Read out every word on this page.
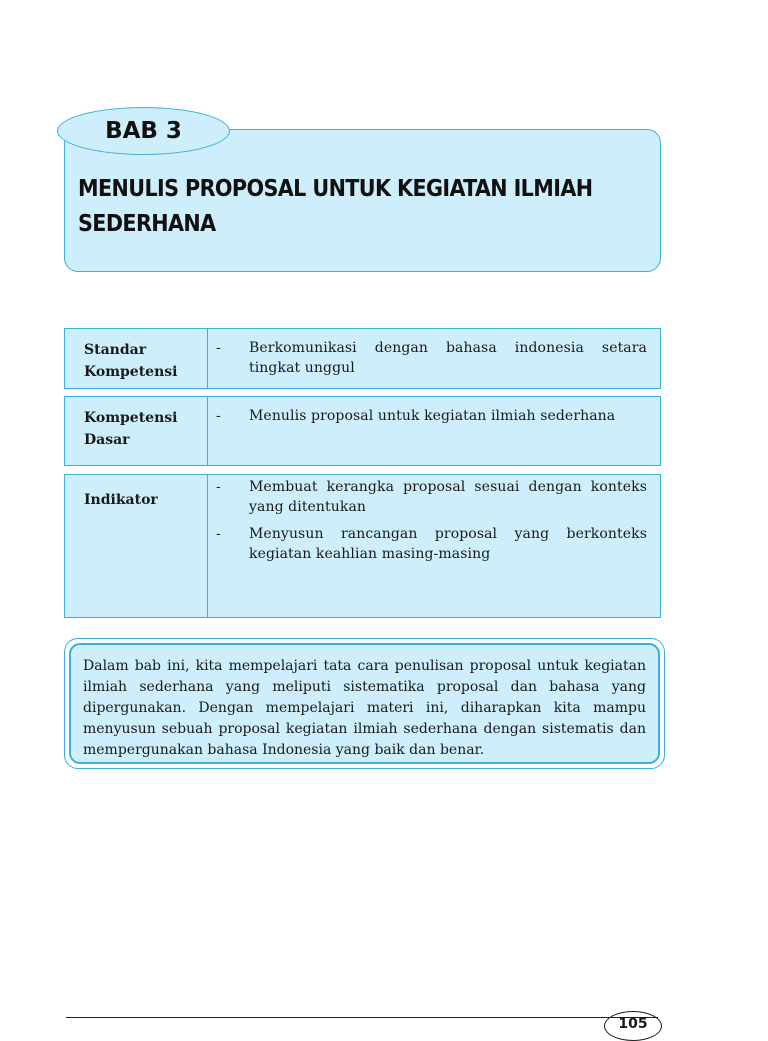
BAB 3
MENULIS PROPOSAL UNTUK KEGIATAN ILMIAH SEDERHANA
Standar Kompetensi
- Berkomunikasi dengan bahasa indonesia setara tingkat unggul
Kompetensi Dasar
- Menulis proposal untuk kegiatan ilmiah sederhana
Indikator
- Membuat kerangka proposal sesuai dengan konteks yang ditentukan
- Menyusun rancangan proposal yang berkonteks kegiatan keahlian masing-masing
Dalam bab ini, kita mempelajari tata cara penulisan proposal untuk kegiatan ilmiah sederhana yang meliputi sistematika proposal dan bahasa yang dipergunakan. Dengan mempelajari materi ini, diharapkan kita mampu menyusun sebuah proposal kegiatan ilmiah sederhana dengan sistematis dan mempergunakan bahasa Indonesia yang baik dan benar.
105
